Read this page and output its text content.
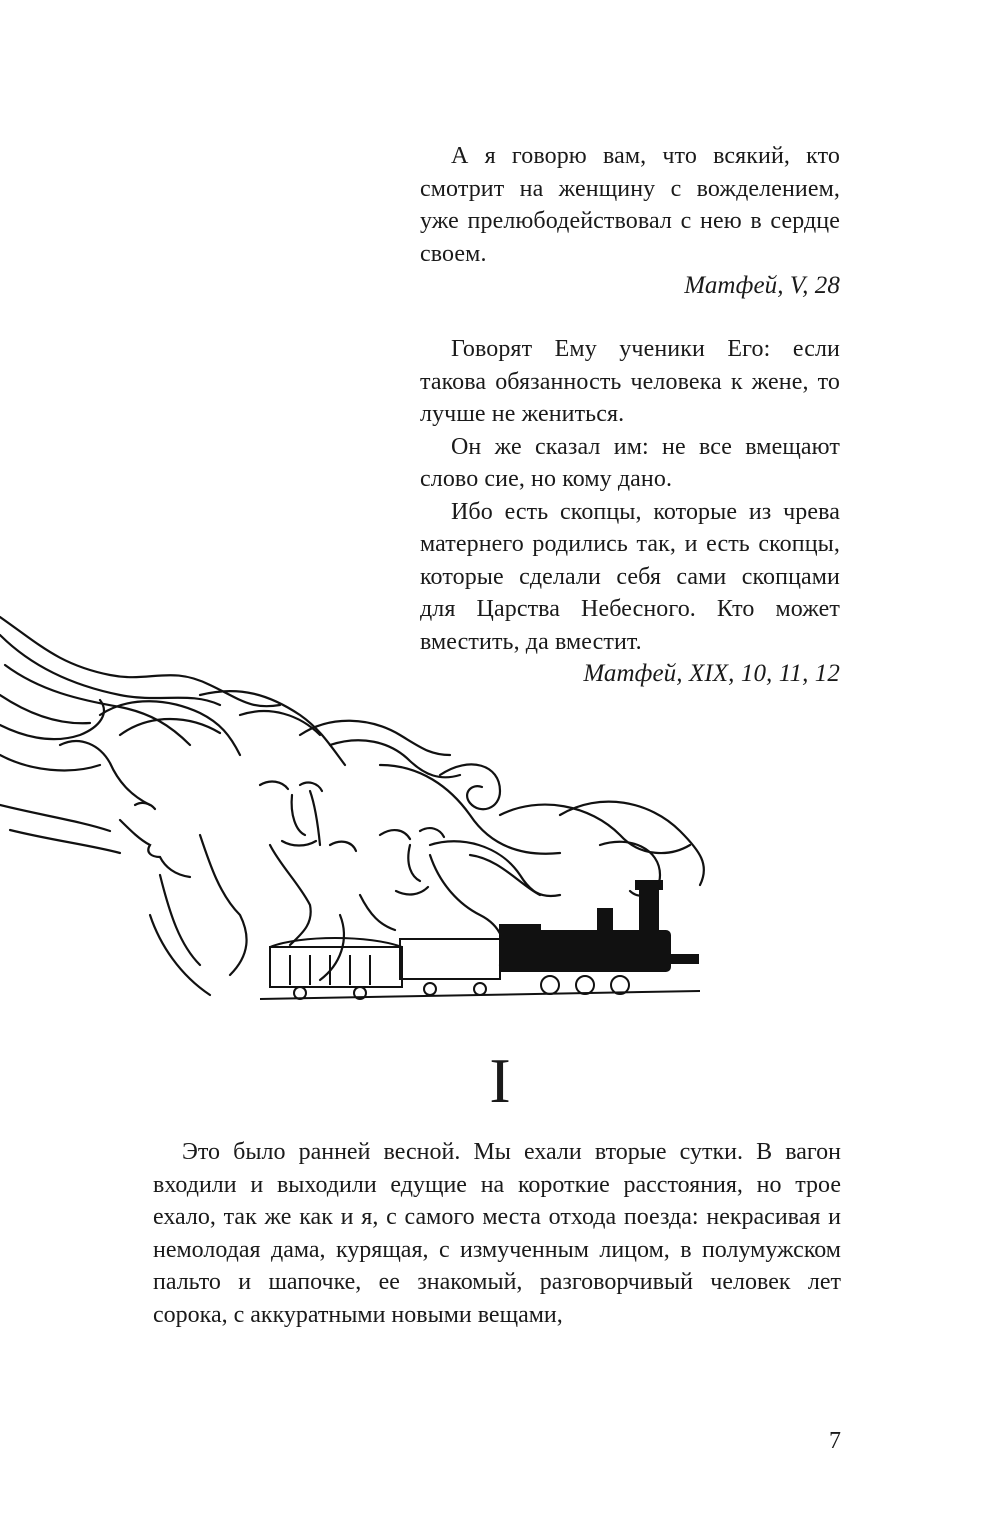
А я говорю вам, что всякий, кто смотрит на женщину с вожделением, уже прелюбодействовал с нею в сердце своем.

Матфей, V, 28

Говорят Ему ученики Его: если такова обязанность человека к жене, то лучше не жениться.

Он же сказал им: не все вмещают слово сие, но кому дано.

Ибо есть скопцы, которые из чрева матернего родились так, и есть скопцы, которые сделали себя сами скопцами для Царства Небесного. Кто может вместить, да вместит.

Матфей, XIX, 10, 11, 12

I

Это было ранней весной. Мы ехали вторые сутки. В вагон входили и выходили едущие на короткие расстояния, но трое ехало, так же как и я, с самого места отхода поезда: некрасивая и немолодая дама, курящая, с измученным лицом, в полумужском пальто и шапочке, ее знакомый, разговорчивый человек лет сорока, с аккуратными новыми вещами,

7
